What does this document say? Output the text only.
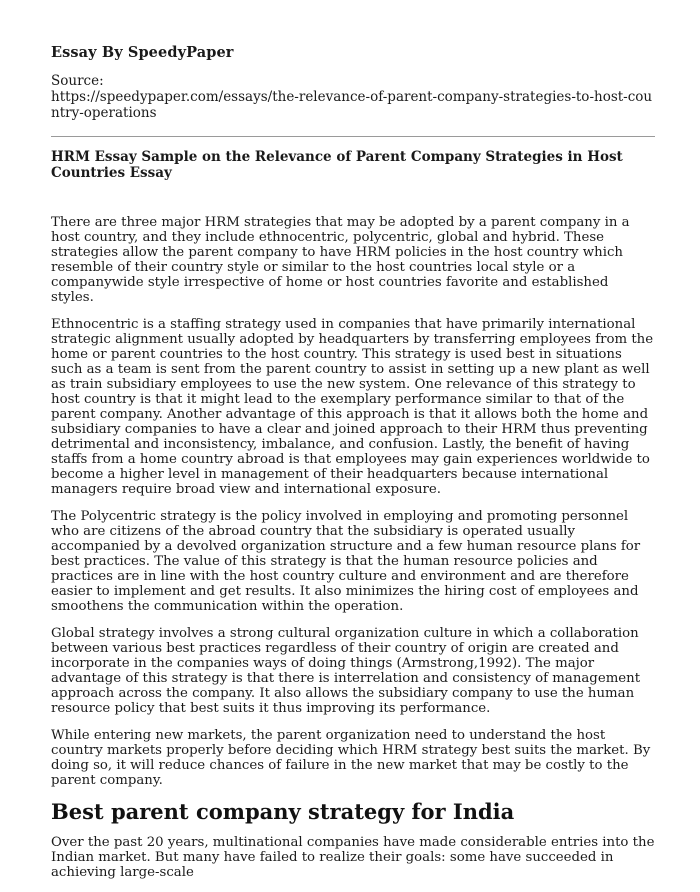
Essay By SpeedyPaper
Source:
https://speedypaper.com/essays/the-relevance-of-parent-company-strategies-to-host-country-operations
HRM Essay Sample on the Relevance of Parent Company Strategies in Host Countries Essay

There are three major HRM strategies that may be adopted by a parent company in a host country, and they include ethnocentric, polycentric, global and hybrid. These strategies allow the parent company to have HRM policies in the host country which resemble of their country style or similar to the host countries local style or a companywide style irrespective of home or host countries favorite and established styles.

Ethnocentric is a staffing strategy used in companies that have primarily international strategic alignment usually adopted by headquarters by transferring employees from the home or parent countries to the host country. This strategy is used best in situations such as a team is sent from the parent country to assist in setting up a new plant as well as train subsidiary employees to use the new system. One relevance of this strategy to host country is that it might lead to the exemplary performance similar to that of the parent company. Another advantage of this approach is that it allows both the home and subsidiary companies to have a clear and joined approach to their HRM thus preventing detrimental and inconsistency, imbalance, and confusion. Lastly, the benefit of having staffs from a home country abroad is that employees may gain experiences worldwide to become a higher level in management of their headquarters because international managers require broad view and international exposure.

The Polycentric strategy is the policy involved in employing and promoting personnel who are citizens of the abroad country that the subsidiary is operated usually accompanied by a devolved organization structure and a few human resource plans for best practices. The value of this strategy is that the human resource policies and practices are in line with the host country culture and environment and are therefore easier to implement and get results. It also minimizes the hiring cost of employees and smoothens the communication within the operation.

Global strategy involves a strong cultural organization culture in which a collaboration between various best practices regardless of their country of origin are created and incorporate in the companies ways of doing things (Armstrong,1992). The major advantage of this strategy is that there is interrelation and consistency of management approach across the company. It also allows the subsidiary company to use the human resource policy that best suits it thus improving its performance.

While entering new markets, the parent organization need to understand the host country markets properly before deciding which HRM strategy best suits the market. By doing so, it will reduce chances of failure in the new market that may be costly to the parent company.

Best parent company strategy for India

Over the past 20 years, multinational companies have made considerable entries into the Indian market. But many have failed to realize their goals: some have succeeded in achieving large-scale
